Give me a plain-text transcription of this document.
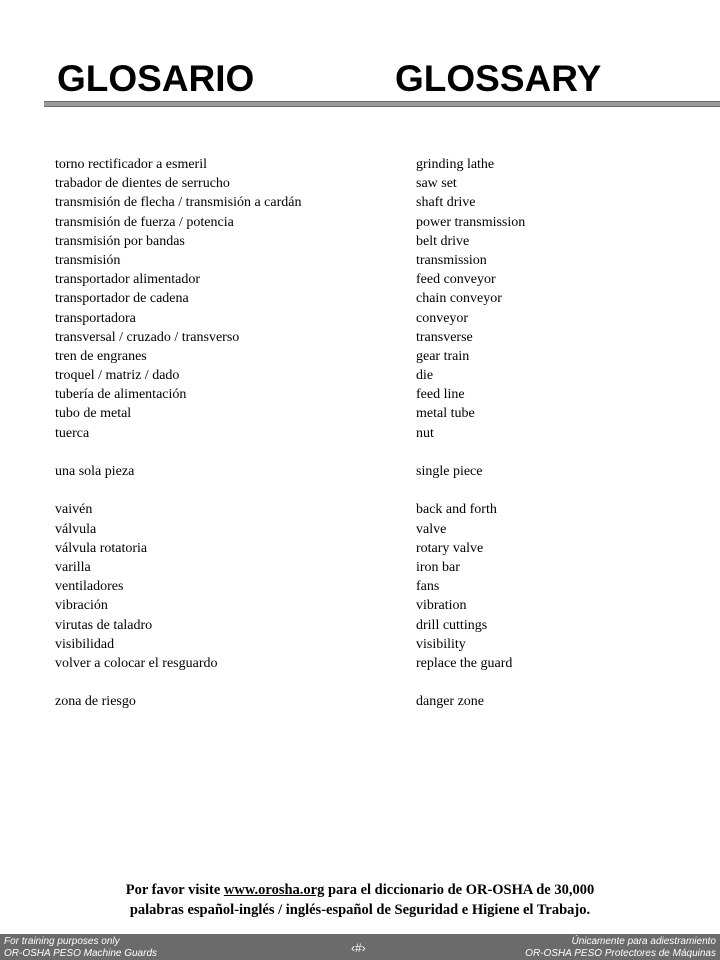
GLOSARIO	GLOSSARY
torno rectificador a esmeril	grinding lathe
trabador de dientes de serrucho	saw set
transmisión de flecha / transmisión a cardán	shaft drive
transmisión de fuerza / potencia	power transmission
transmisión por bandas	belt drive
transmisión	transmission
transportador alimentador	feed conveyor
transportador de cadena	chain conveyor
transportadora	conveyor
transversal / cruzado / transverso	transverse
tren de engranes	gear train
troquel / matriz / dado	die
tubería de alimentación	feed line
tubo de metal	metal tube
tuerca	nut
una sola pieza	single piece
vaivén	back and forth
válvula	valve
válvula rotatoria	rotary valve
varilla	iron bar
ventiladores	fans
vibración	vibration
virutas de taladro	drill cuttings
visibilidad	visibility
volver a colocar el resguardo	replace the guard
zona de riesgo	danger zone
Por favor visite www.orosha.org para el diccionario de OR-OSHA de 30,000
palabras español-inglés / inglés-español de Seguridad e Higiene el Trabajo.
For training purposes only
OR-OSHA PESO Machine Guards	‹#›	Únicamente para adiestramiento
OR-OSHA PESO Protectores de Máquinas
